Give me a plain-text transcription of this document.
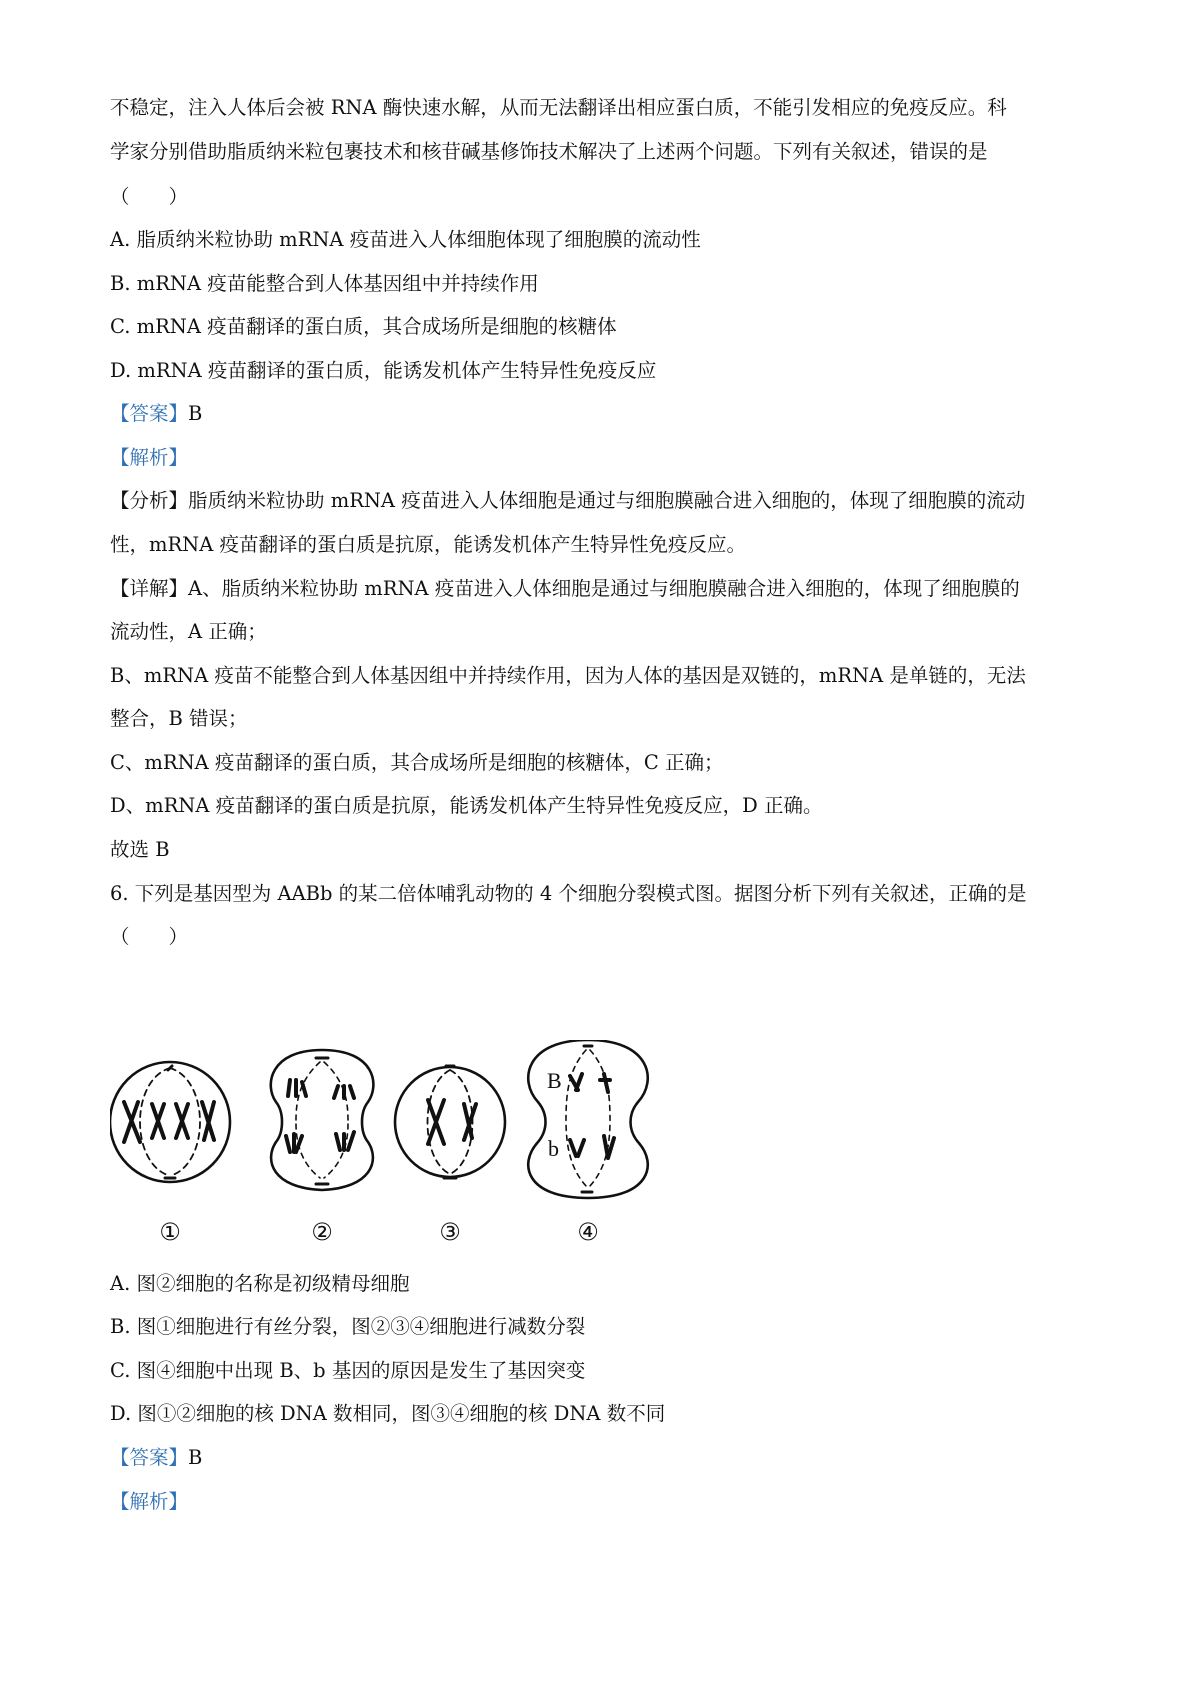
不稳定，注入人体后会被 RNA 酶快速水解，从而无法翻译出相应蛋白质，不能引发相应的免疫反应。科
学家分别借助脂质纳米粒包裹技术和核苷碱基修饰技术解决了上述两个问题。下列有关叙述，错误的是
（　　）
A. 脂质纳米粒协助 mRNA 疫苗进入人体细胞体现了细胞膜的流动性
B. mRNA 疫苗能整合到人体基因组中并持续作用
C. mRNA 疫苗翻译的蛋白质，其合成场所是细胞的核糖体
D. mRNA 疫苗翻译的蛋白质，能诱发机体产生特异性免疫反应
【答案】B
【解析】
【分析】脂质纳米粒协助 mRNA 疫苗进入人体细胞是通过与细胞膜融合进入细胞的，体现了细胞膜的流动
性，mRNA 疫苗翻译的蛋白质是抗原，能诱发机体产生特异性免疫反应。
【详解】A、脂质纳米粒协助 mRNA 疫苗进入人体细胞是通过与细胞膜融合进入细胞的，体现了细胞膜的
流动性，A 正确；
B、mRNA 疫苗不能整合到人体基因组中并持续作用，因为人体的基因是双链的，mRNA 是单链的，无法
整合，B 错误；
C、mRNA 疫苗翻译的蛋白质，其合成场所是细胞的核糖体，C 正确；
D、mRNA 疫苗翻译的蛋白质是抗原，能诱发机体产生特异性免疫反应，D 正确。
故选 B
6. 下列是基因型为 AABb 的某二倍体哺乳动物的 4 个细胞分裂模式图。据图分析下列有关叙述，正确的是
（　　）
B
b
①	②	③	④
A. 图②细胞的名称是初级精母细胞
B. 图①细胞进行有丝分裂，图②③④细胞进行减数分裂
C. 图④细胞中出现 B、b 基因的原因是发生了基因突变
D. 图①②细胞的核 DNA 数相同，图③④细胞的核 DNA 数不同
【答案】B
【解析】
